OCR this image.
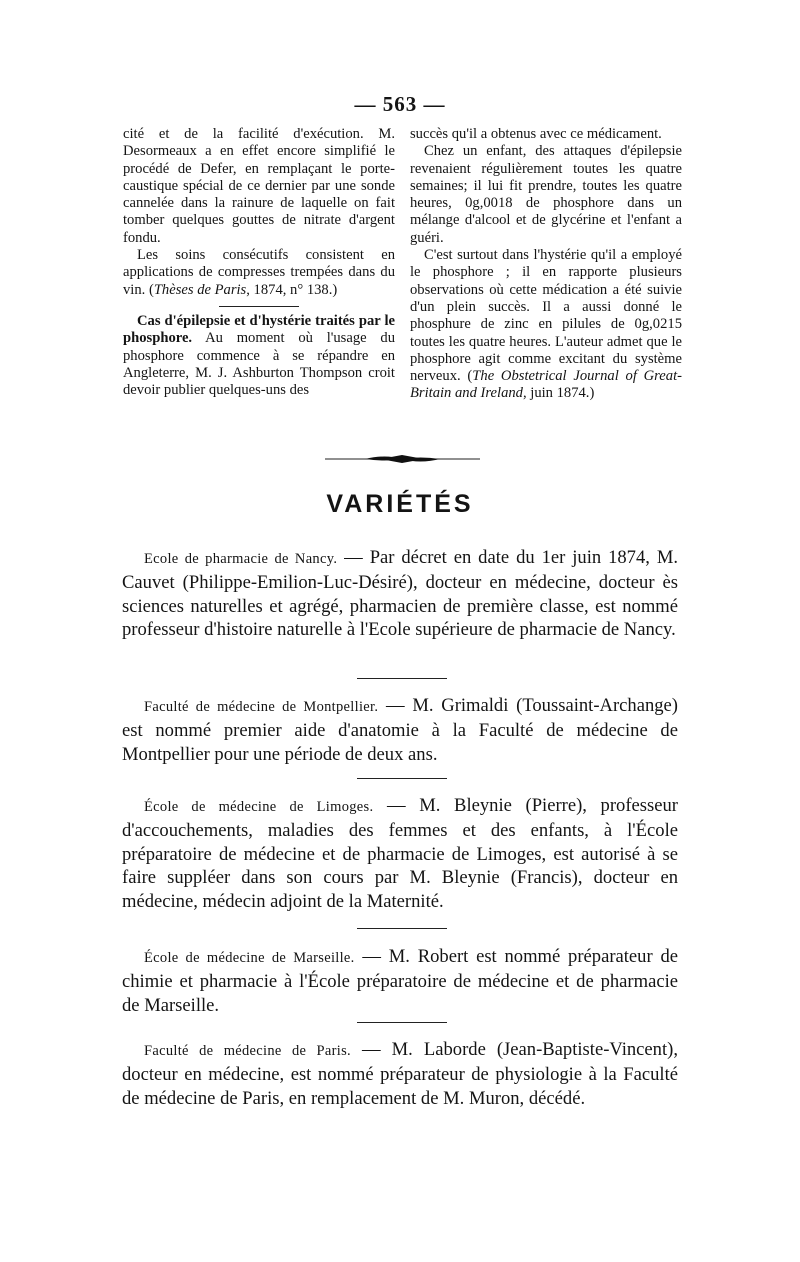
— 563 —

cité et de la facilité d'exécution. M. Desormeaux a en effet encore simplifié le procédé de Defer, en remplaçant le porte-caustique spécial de ce dernier par une sonde cannelée dans la rainure de laquelle on fait tomber quelques gouttes de nitrate d'argent fondu.

Les soins consécutifs consistent en applications de compresses trempées dans du vin. (Thèses de Paris, 1874, n° 138.)

Cas d'épilepsie et d'hystérie traités par le phosphore. Au moment où l'usage du phosphore commence à se répandre en Angleterre, M. J. Ashburton Thompson croit devoir publier quelques-uns des

succès qu'il a obtenus avec ce médicament.

Chez un enfant, des attaques d'épilepsie revenaient régulièrement toutes les quatre semaines; il lui fit prendre, toutes les quatre heures, 0g,0018 de phosphore dans un mélange d'alcool et de glycérine et l'enfant a guéri.

C'est surtout dans l'hystérie qu'il a employé le phosphore ; il en rapporte plusieurs observations où cette médication a été suivie d'un plein succès. Il a aussi donné le phosphure de zinc en pilules de 0g,0215 toutes les quatre heures. L'auteur admet que le phosphore agit comme excitant du système nerveux. (The Obstetrical Journal of Great-Britain and Ireland, juin 1874.)

VARIÉTÉS

Ecole de pharmacie de Nancy. — Par décret en date du 1er juin 1874, M. Cauvet (Philippe-Emilion-Luc-Désiré), docteur en médecine, docteur ès sciences naturelles et agrégé, pharmacien de première classe, est nommé professeur d'histoire naturelle à l'Ecole supérieure de pharmacie de Nancy.

Faculté de médecine de Montpellier. — M. Grimaldi (Toussaint-Archange) est nommé premier aide d'anatomie à la Faculté de médecine de Montpellier pour une période de deux ans.

École de médecine de Limoges. — M. Bleynie (Pierre), professeur d'accouchements, maladies des femmes et des enfants, à l'École préparatoire de médecine et de pharmacie de Limoges, est autorisé à se faire suppléer dans son cours par M. Bleynie (Francis), docteur en médecine, médecin adjoint de la Maternité.

École de médecine de Marseille. — M. Robert est nommé préparateur de chimie et pharmacie à l'École préparatoire de médecine et de pharmacie de Marseille.

Faculté de médecine de Paris. — M. Laborde (Jean-Baptiste-Vincent), docteur en médecine, est nommé préparateur de physiologie à la Faculté de médecine de Paris, en remplacement de M. Muron, décédé.
